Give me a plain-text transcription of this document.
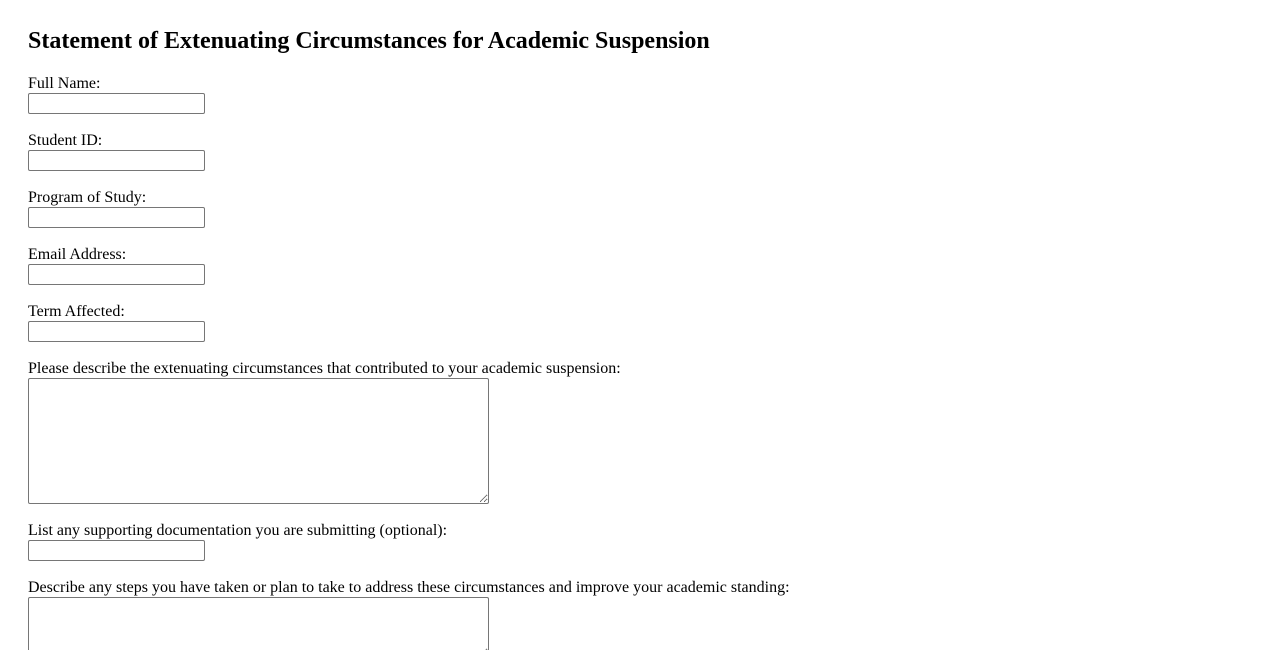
Statement of Extenuating Circumstances for Academic Suspension
Full Name:
Student ID:
Program of Study:
Email Address:
Term Affected:
Please describe the extenuating circumstances that contributed to your academic suspension:
List any supporting documentation you are submitting (optional):
Describe any steps you have taken or plan to take to address these circumstances and improve your academic standing:
